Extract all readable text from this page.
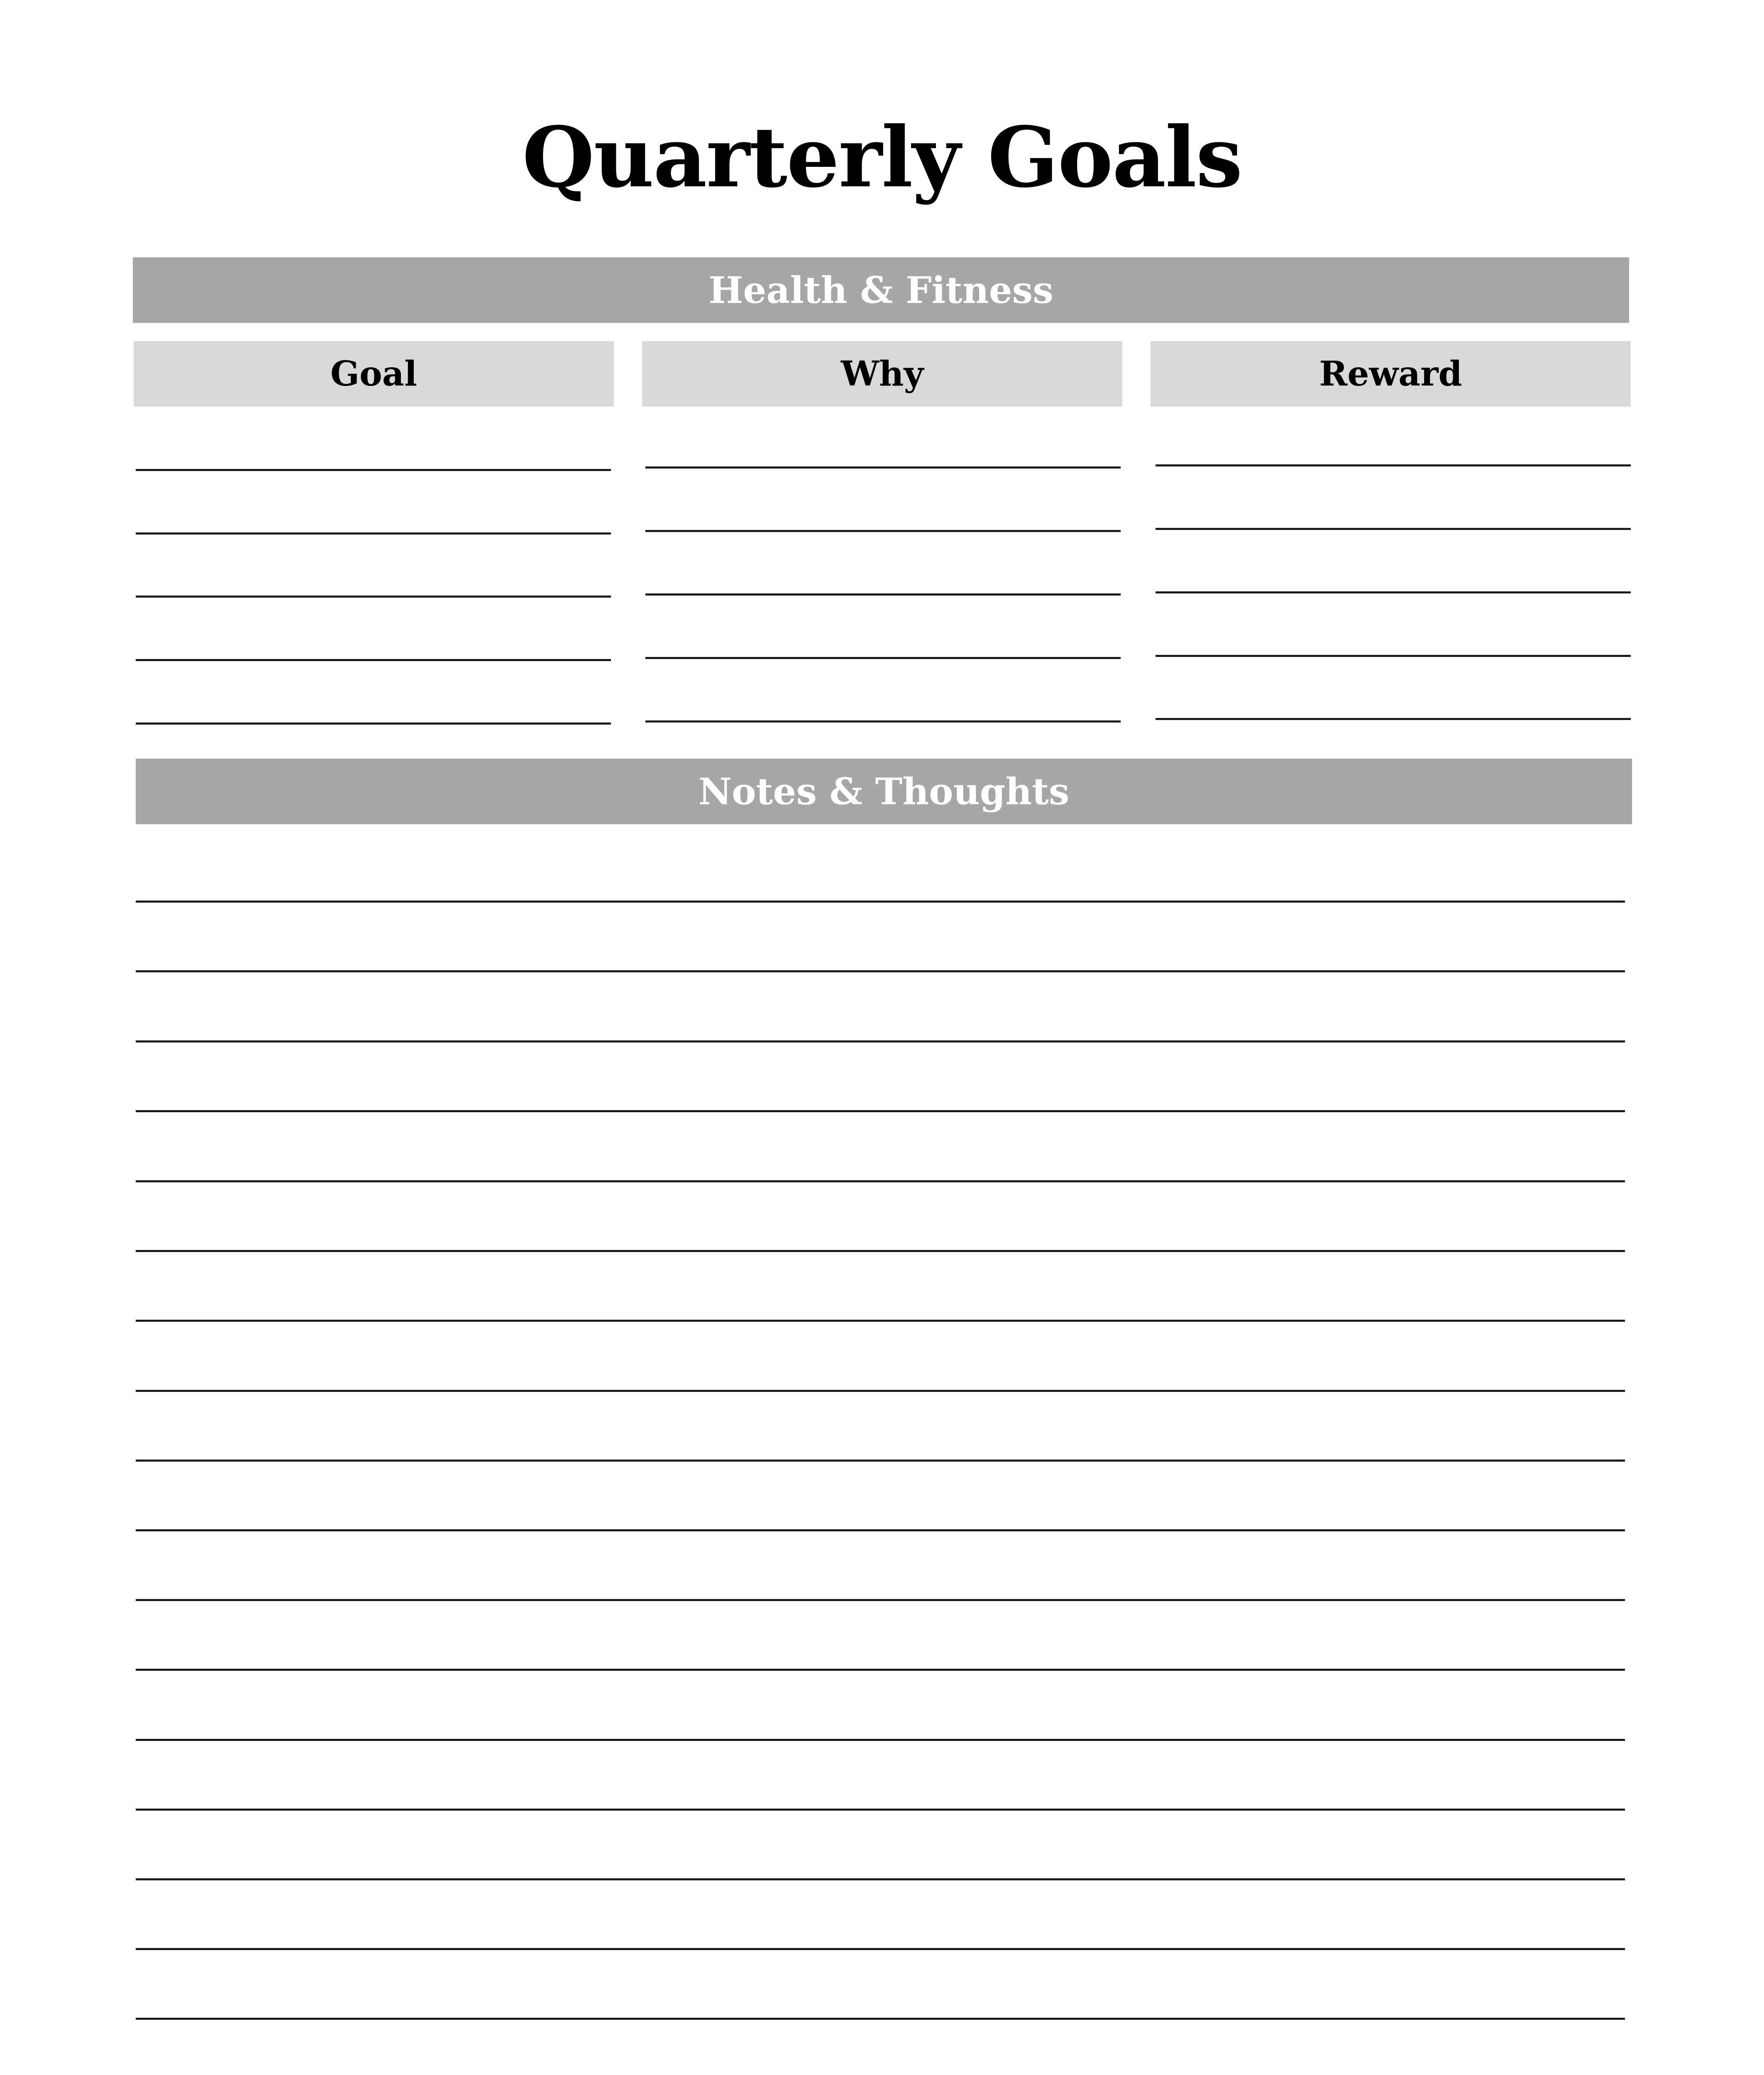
Quarterly Goals
Health & Fitness
Goal	Why	Reward
Notes & Thoughts
